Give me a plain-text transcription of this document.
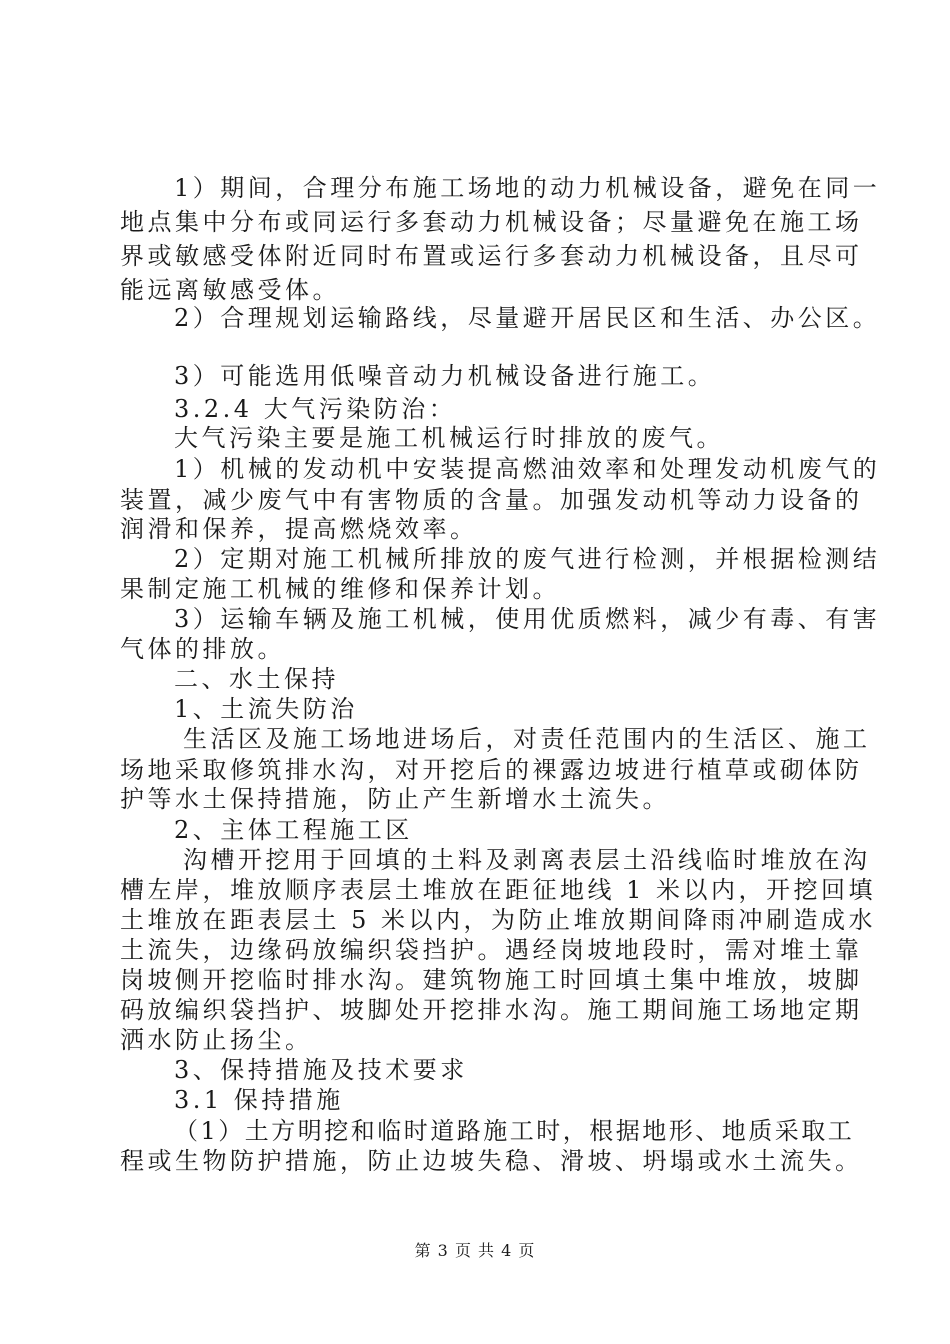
1）期间，合理分布施工场地的动力机械设备，避免在同一
地点集中分布或同运行多套动力机械设备；尽量避免在施工场
界或敏感受体附近同时布置或运行多套动力机械设备，且尽可
能远离敏感受体。
2）合理规划运输路线，尽量避开居民区和生活、办公区。
3）可能选用低噪音动力机械设备进行施工。
3.2.4 大气污染防治：
大气污染主要是施工机械运行时排放的废气。
1）机械的发动机中安装提高燃油效率和处理发动机废气的
装置，减少废气中有害物质的含量。加强发动机等动力设备的
润滑和保养，提高燃烧效率。
2）定期对施工机械所排放的废气进行检测，并根据检测结
果制定施工机械的维修和保养计划。
3）运输车辆及施工机械，使用优质燃料，减少有毒、有害
气体的排放。
二、水土保持
1、土流失防治
生活区及施工场地进场后，对责任范围内的生活区、施工
场地采取修筑排水沟，对开挖后的裸露边坡进行植草或砌体防
护等水土保持措施，防止产生新增水土流失。
2、主体工程施工区
沟槽开挖用于回填的土料及剥离表层土沿线临时堆放在沟
槽左岸，堆放顺序表层土堆放在距征地线 1 米以内，开挖回填
土堆放在距表层土 5 米以内，为防止堆放期间降雨冲刷造成水
土流失，边缘码放编织袋挡护。遇经岗坡地段时，需对堆土靠
岗坡侧开挖临时排水沟。建筑物施工时回填土集中堆放，坡脚
码放编织袋挡护、坡脚处开挖排水沟。施工期间施工场地定期
洒水防止扬尘。
3、保持措施及技术要求
3.1 保持措施
（1）土方明挖和临时道路施工时，根据地形、地质采取工
程或生物防护措施，防止边坡失稳、滑坡、坍塌或水土流失。
第 3 页 共 4 页
